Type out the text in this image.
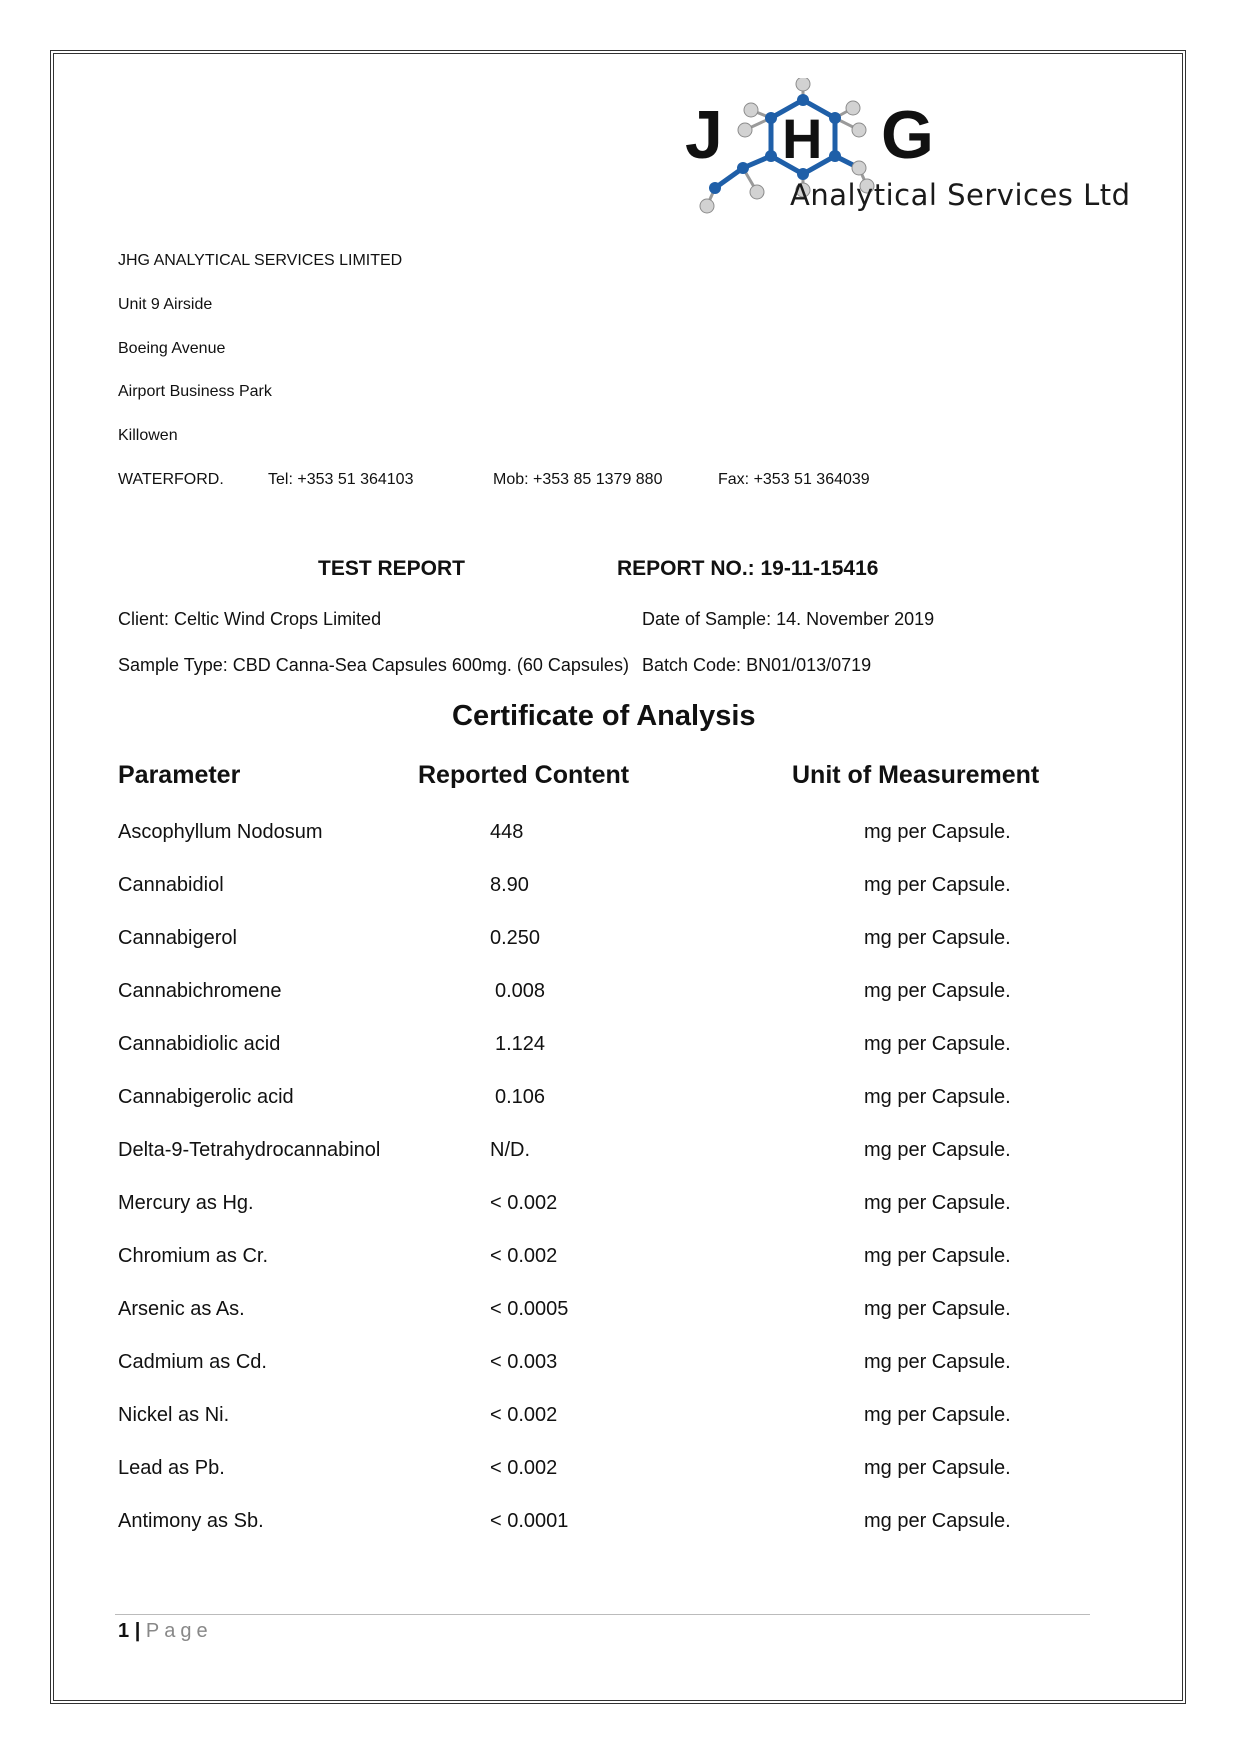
J H G
Analytical Services Ltd
JHG ANALYTICAL SERVICES LIMITED
Unit 9 Airside
Boeing Avenue
Airport Business Park
Killowen
WATERFORD.	Tel: +353 51 364103	Mob: +353 85 1379 880	Fax: +353 51 364039
TEST REPORT	REPORT NO.: 19-11-15416
Client: Celtic Wind Crops Limited	Date of Sample: 14. November 2019
Sample Type: CBD Canna-Sea Capsules 600mg. (60 Capsules) Batch Code: BN01/013/0719
Certificate of Analysis
Parameter	Reported Content	Unit of Measurement
Ascophyllum Nodosum	448	mg per Capsule.
Cannabidiol	8.90	mg per Capsule.
Cannabigerol	0.250	mg per Capsule.
Cannabichromene	0.008	mg per Capsule.
Cannabidiolic acid	1.124	mg per Capsule.
Cannabigerolic acid	0.106	mg per Capsule.
Delta-9-Tetrahydrocannabinol	N/D.	mg per Capsule.
Mercury as Hg.	< 0.002	mg per Capsule.
Chromium as Cr.	< 0.002	mg per Capsule.
Arsenic as As.	< 0.0005	mg per Capsule.
Cadmium as Cd.	< 0.003	mg per Capsule.
Nickel as Ni.	< 0.002	mg per Capsule.
Lead as Pb.	< 0.002	mg per Capsule.
Antimony as Sb.	< 0.0001	mg per Capsule.
1 | Page
